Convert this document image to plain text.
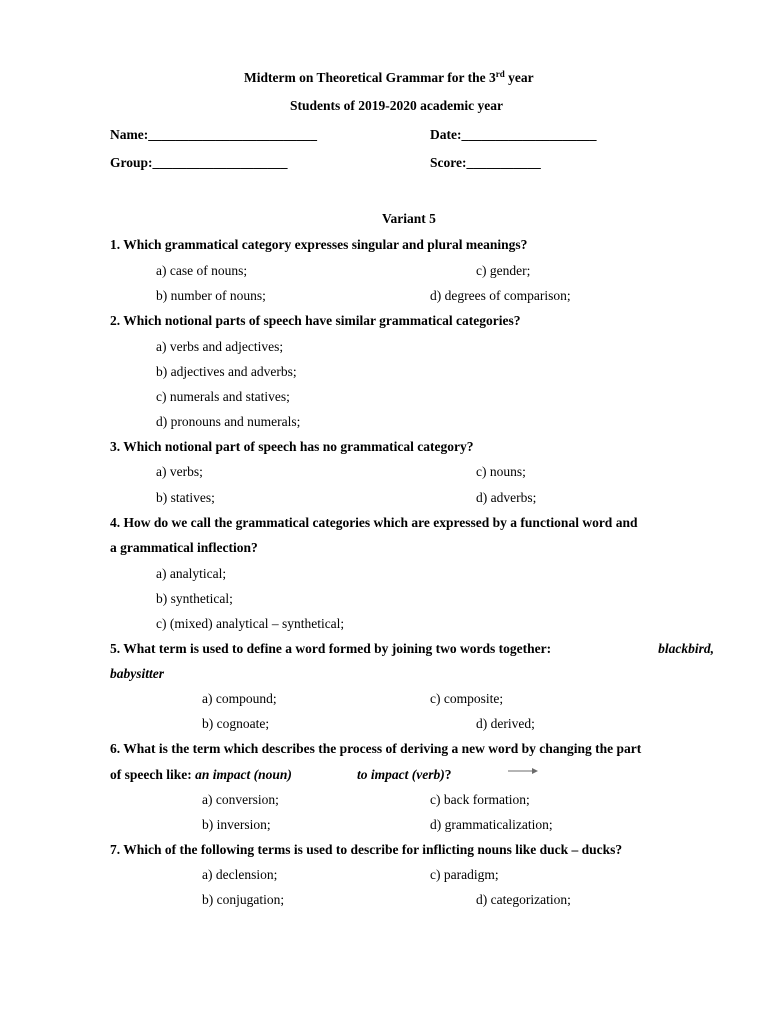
Midterm on Theoretical Grammar for the 3rd year
Students of 2019-2020 academic year
Name:_________________________	Date:____________________
Group:____________________	Score:___________
Variant 5
1. Which grammatical category expresses singular and plural meanings?
a) case of nouns;	c) gender;
b) number of nouns;	d) degrees of comparison;
2. Which notional parts of speech have similar grammatical categories?
a) verbs and adjectives;
b) adjectives and adverbs;
c) numerals and statives;
d) pronouns and numerals;
3. Which notional part of speech has no grammatical category?
a) verbs;	c) nouns;
b) statives;	d) adverbs;
4. How do we call the grammatical categories which are expressed by a functional word and
a grammatical inflection?
a) analytical;
b) synthetical;
c) (mixed) analytical – synthetical;
5. What term is used to define a word formed by joining two words together:	blackbird,
babysitter
a) compound;	c) composite;
b) cognoate;	d) derived;
6. What is the term which describes the process of deriving a new word by changing the part
of speech like: an impact (noun)	to impact (verb)?
a) conversion;	c) back formation;
b) inversion;	d) grammaticalization;
7. Which of the following terms is used to describe for inflicting nouns like duck – ducks?
a) declension;	c) paradigm;
b) conjugation;	d) categorization;
